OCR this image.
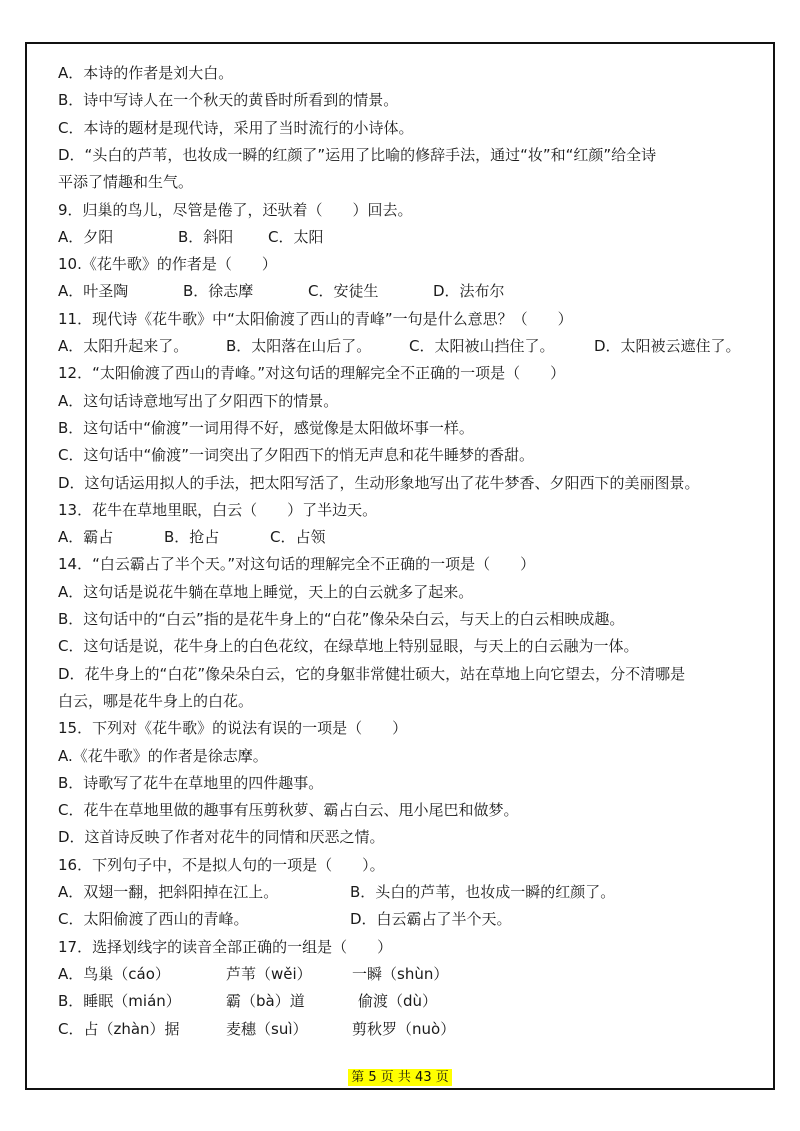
A．本诗的作者是刘大白。
B．诗中写诗人在一个秋天的黄昏时所看到的情景。
C．本诗的题材是现代诗，采用了当时流行的小诗体。
D．“头白的芦苇，也妆成一瞬的红颜了”运用了比喻的修辞手法，通过“妆”和“红颜”给全诗
平添了情趣和生气。
9．归巢的鸟儿，尽管是倦了，还驮着（　　）回去。
A．夕阳	B．斜阳	C．太阳
10.《花牛歌》的作者是（　　）
A．叶圣陶	B．徐志摩	C．安徒生	D．法布尔
11．现代诗《花牛歌》中“太阳偷渡了西山的青峰”一句是什么意思？（　　）
A．太阳升起来了。	B．太阳落在山后了。	C．太阳被山挡住了。	D．太阳被云遮住了。
12．“太阳偷渡了西山的青峰。”对这句话的理解完全不正确的一项是（　　）
A．这句话诗意地写出了夕阳西下的情景。
B．这句话中“偷渡”一词用得不好，感觉像是太阳做坏事一样。
C．这句话中“偷渡”一词突出了夕阳西下的悄无声息和花牛睡梦的香甜。
D．这句话运用拟人的手法，把太阳写活了，生动形象地写出了花牛梦香、夕阳西下的美丽图景。
13．花牛在草地里眠，白云（　　）了半边天。
A．霸占	B．抢占	C．占领
14．“白云霸占了半个天。”对这句话的理解完全不正确的一项是（　　）
A．这句话是说花牛躺在草地上睡觉，天上的白云就多了起来。
B．这句话中的“白云”指的是花牛身上的“白花”像朵朵白云，与天上的白云相映成趣。
C．这句话是说，花牛身上的白色花纹，在绿草地上特别显眼，与天上的白云融为一体。
D．花牛身上的“白花”像朵朵白云，它的身躯非常健壮硕大，站在草地上向它望去，分不清哪是
白云，哪是花牛身上的白花。
15．下列对《花牛歌》的说法有误的一项是（　　）
A.《花牛歌》的作者是徐志摩。
B．诗歌写了花牛在草地里的四件趣事。
C．花牛在草地里做的趣事有压剪秋萝、霸占白云、甩小尾巴和做梦。
D．这首诗反映了作者对花牛的同情和厌恶之情。
16．下列句子中，不是拟人句的一项是（　　）。
A．双翅一翻，把斜阳掉在江上。	B．头白的芦苇，也妆成一瞬的红颜了。
C．太阳偷渡了西山的青峰。	D．白云霸占了半个天。
17．选择划线字的读音全部正确的一组是（　　）
A．鸟巢（cáo）	芦苇（wěi）	一瞬（shùn）
B．睡眠（mián）	霸（bà）道	偷渡（dù）
C．占（zhàn）据	麦穗（suì）	剪秋罗（nuò）
第 5 页 共 43 页
